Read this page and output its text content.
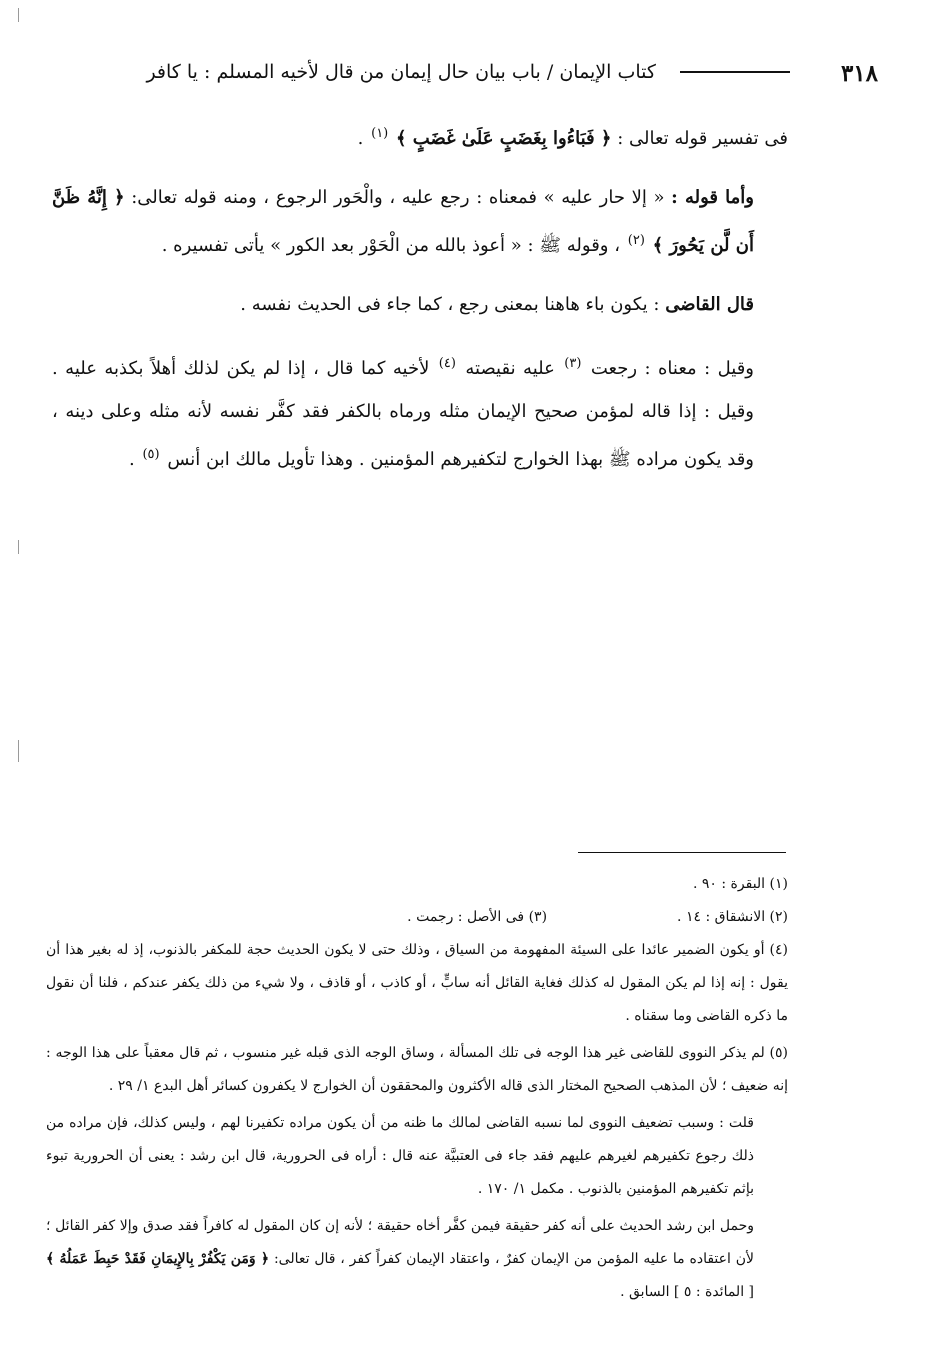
٣١٨
كتاب الإيمان / باب بيان حال إيمان من قال لأخيه المسلم : يا كافر

فى تفسير قوله تعالى : ﴿ فَبَاءُوا بِغَضَبٍ عَلَىٰ غَضَبٍ ﴾ $^{(١)}$ .

وأما قوله : « إلا حار عليه » فمعناه : رجع عليه ، والْحَور الرجوع ، ومنه قوله تعالى: ﴿ إِنَّهُ ظَنَّ أَن لَّن يَحُورَ ﴾ $^{(٢)}$ ، وقوله ﷺ : « أعوذ بالله من الْحَوْر بعد الكور » يأتى تفسيره .

قال القاضى : يكون باء هاهنا بمعنى رجع ، كما جاء فى الحديث نفسه .

وقيل : معناه : رجعت $^{(٣)}$ عليه نقيصته $^{(٤)}$ لأخيه كما قال ، إذا لم يكن لذلك أهلاً بكذبه عليه . وقيل : إذا قاله لمؤمن صحيح الإيمان مثله ورماه بالكفر فقد كفَّر نفسه لأنه مثله وعلى دينه ، وقد يكون مراده ﷺ بهذا الخوارج لتكفيرهم المؤمنين . وهذا تأويل مالك ابن أنس $^{(٥)}$ .

(١) البقرة : ٩٠ .

(٢) الانشقاق : ١٤ .

(٣) فى الأصل : رجمت .

(٤) أو يكون الضمير عائدا على السيئة المفهومة من السياق ، وذلك حتى لا يكون الحديث حجة للمكفر بالذنوب، إذ له بغير هذا أن يقول : إنه إذا لم يكن المقول له كذلك فغاية القائل أنه سابٍّ ، أو كاذب ، أو قاذف ، ولا شيء من ذلك يكفر عندكم ، فلنا أن نقول ما ذكره القاضى وما سقناه .

(٥) لم يذكر النووى للقاضى غير هذا الوجه فى تلك المسألة ، وساق الوجه الذى قبله غير منسوب ، ثم قال معقباً على هذا الوجه : إنه ضعيف ؛ لأن المذهب الصحيح المختار الذى قاله الأكثرون والمحققون أن الخوارج لا يكفرون كسائر أهل البدع ١/ ٢٩ .

قلت : وسبب تضعيف النووى لما نسبه القاضى لمالك ما ظنه من أن يكون مراده تكفيرنا لهم ، وليس كذلك، فإن مراده من ذلك رجوع تكفيرهم لغيرهم عليهم فقد جاء فى العتبيَّة عنه قال : أراه فى الحرورية، قال ابن رشد : يعنى أن الحرورية تبوء بإثم تكفيرهم المؤمنين بالذنوب . مكمل ١/ ١٧٠ .

وحمل ابن رشد الحديث على أنه كفر حقيقة فيمن كفَّر أخاه حقيقة ؛ لأنه إن كان المقول له كافراً فقد صدق وإلا كفر القائل ؛ لأن اعتقاده ما عليه المؤمن من الإيمان كفرٌ ، واعتقاد الإيمان كفراً كفر ، قال تعالى: ﴿ وَمَن يَكْفُرْ بِالإِيمَانِ فَقَدْ حَبِطَ عَمَلُهُ ﴾ [ المائدة : ٥ ] السابق .
